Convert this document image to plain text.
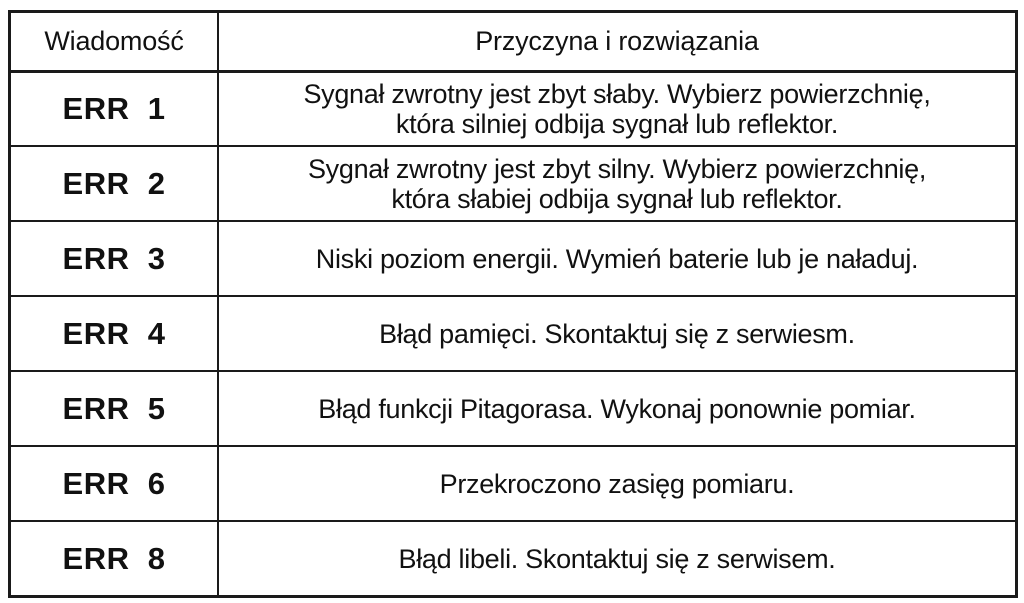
Wiadomość	Przyczyna i rozwiązania
ERR  1	Sygnał zwrotny jest zbyt słaby. Wybierz powierzchnię,
która silniej odbija sygnał lub reflektor.

ERR  2	Sygnał zwrotny jest zbyt silny. Wybierz powierzchnię,
która słabiej odbija sygnał lub reflektor.

ERR  3	Niski poziom energii. Wymień baterie lub je naładuj.

ERR  4	Błąd pamięci. Skontaktuj się z serwiesm.

ERR  5	Błąd funkcji Pitagorasa. Wykonaj ponownie pomiar.

ERR  6	Przekroczono zasięg pomiaru.

ERR  8	Błąd libeli. Skontaktuj się z serwisem.
